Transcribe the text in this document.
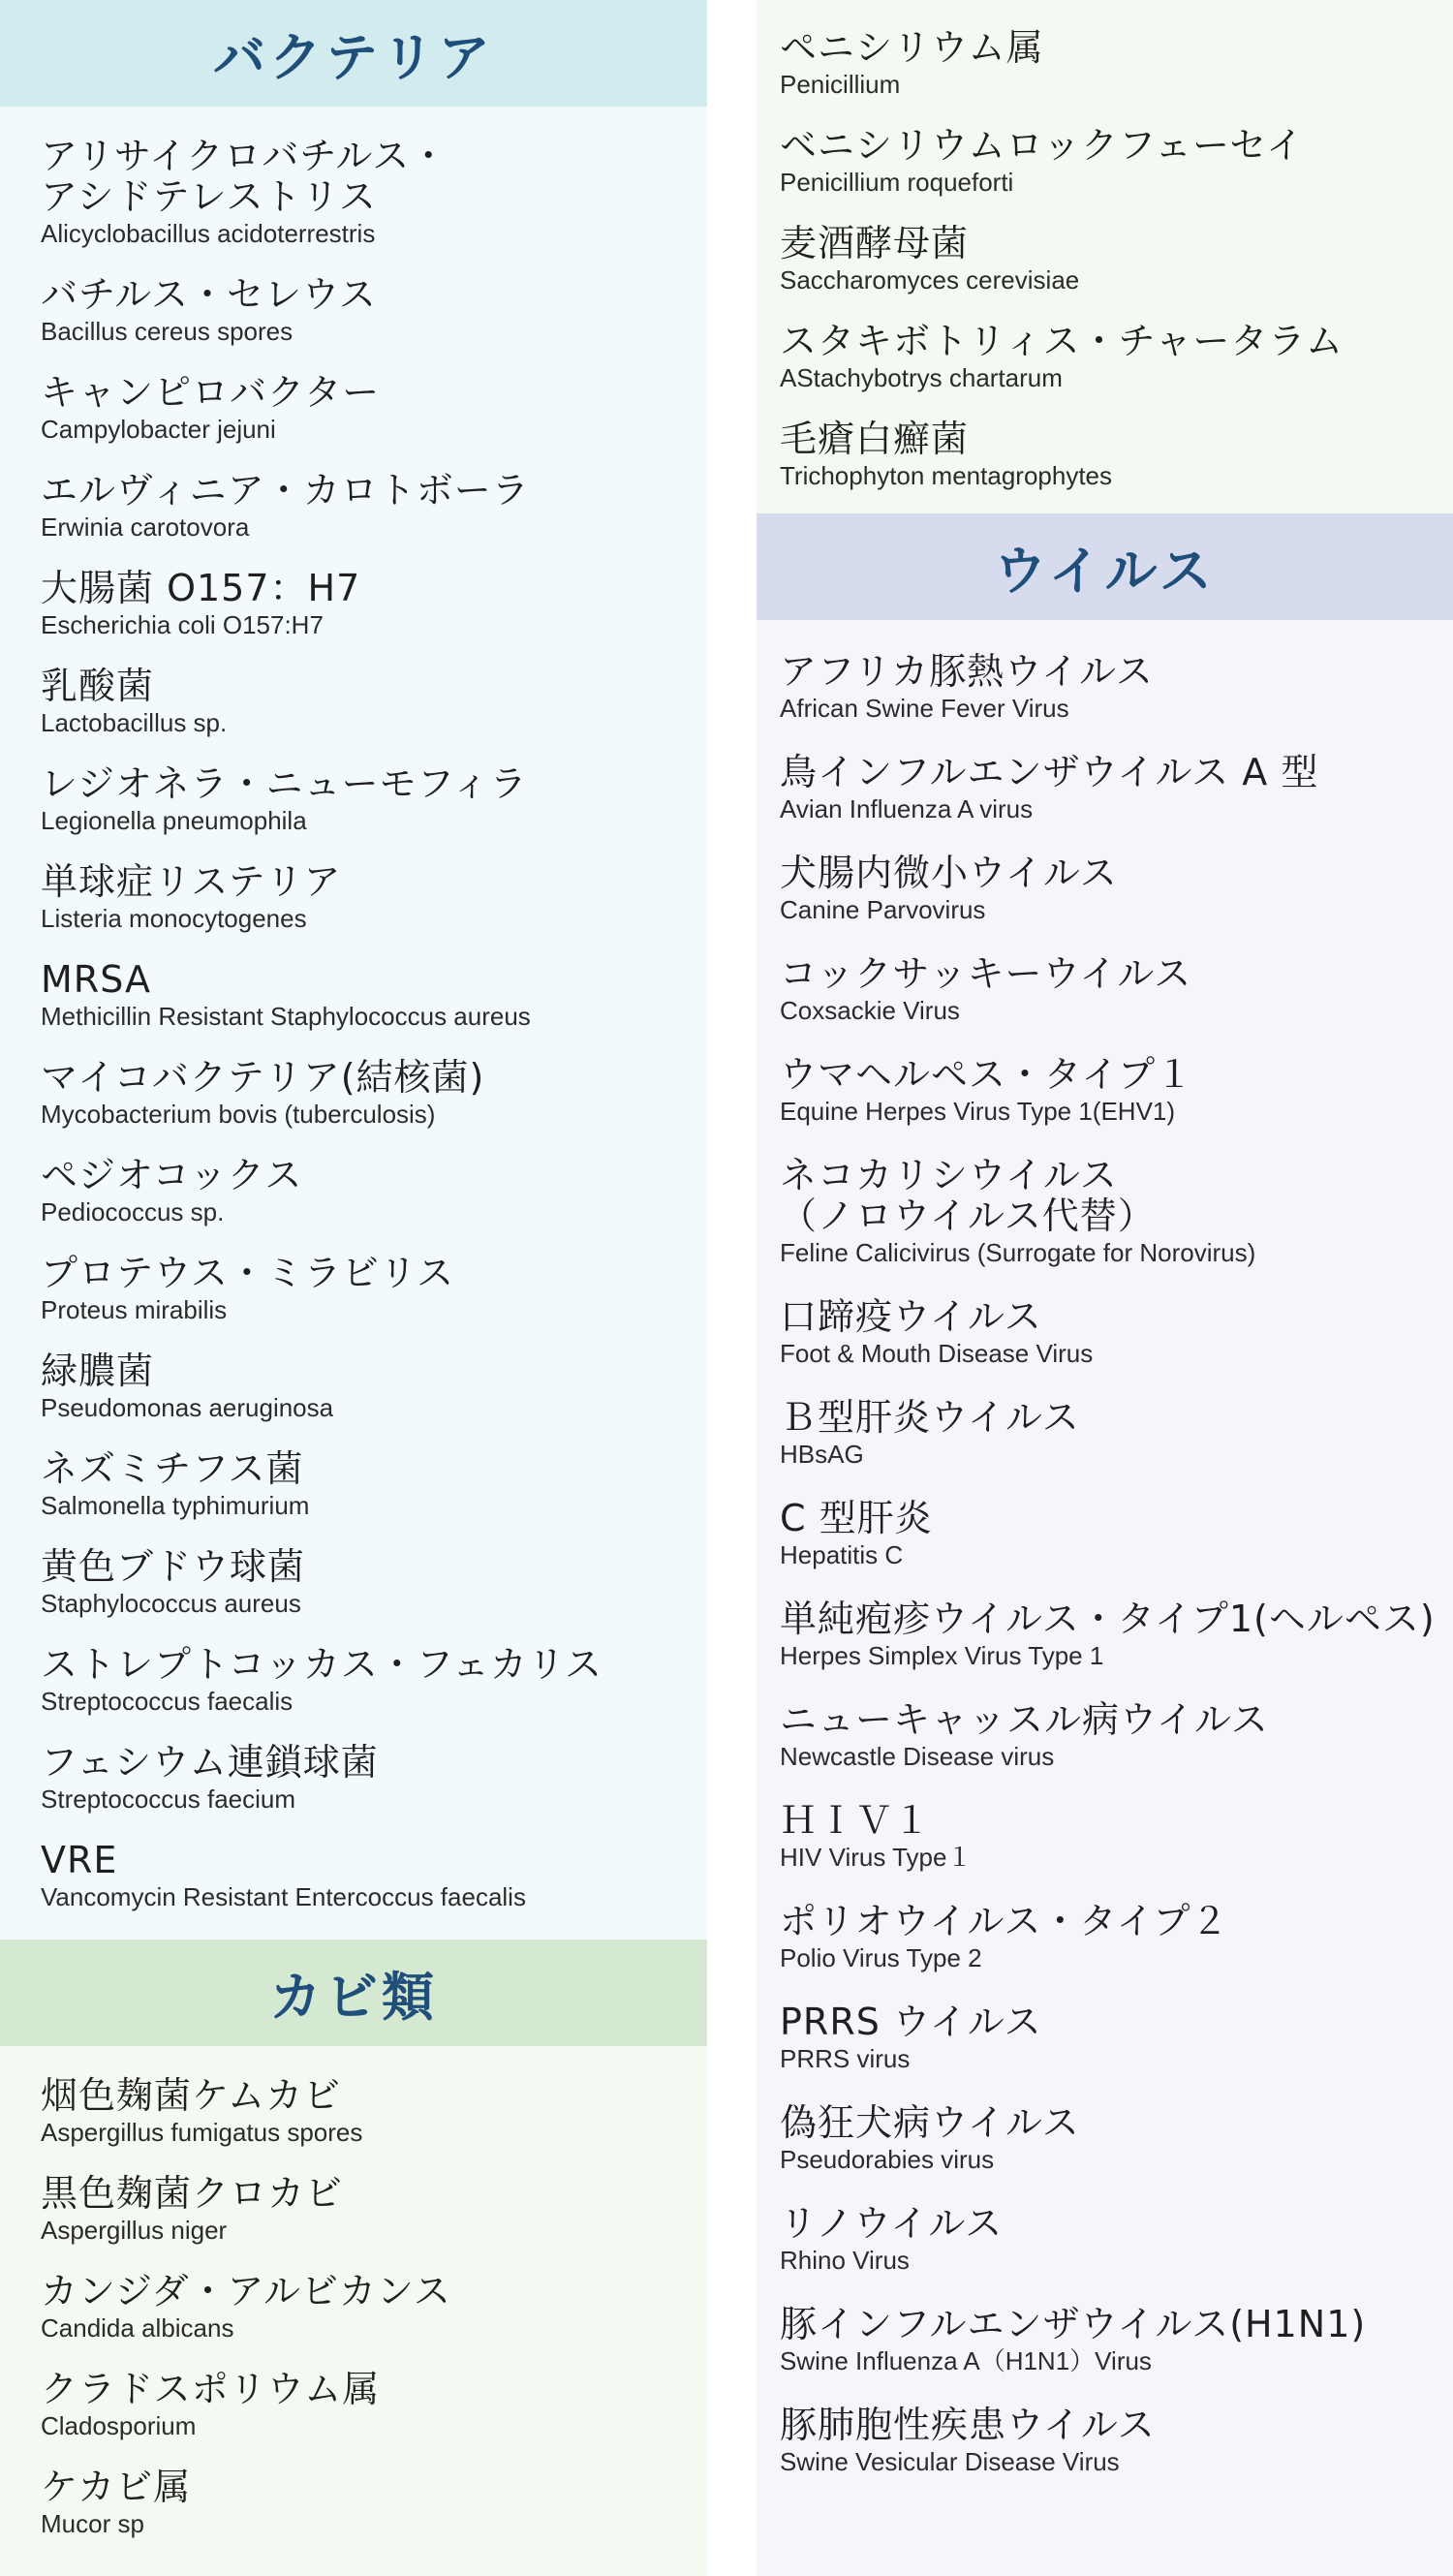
バクテリア
アリサイクロバチルス・
アシドテレストリス
Alicyclobacillus acidoterrestris
バチルス・セレウス
Bacillus cereus spores
キャンピロバクター
Campylobacter jejuni
エルヴィニア・カロトボーラ
Erwinia carotovora
大腸菌 O157：H7
Escherichia coli O157:H7
乳酸菌
Lactobacillus sp.
レジオネラ・ニューモフィラ
Legionella pneumophila
単球症リステリア
Listeria monocytogenes
MRSA
Methicillin Resistant Staphylococcus aureus
マイコバクテリア(結核菌)
Mycobacterium bovis (tuberculosis)
ペジオコックス
Pediococcus sp.
プロテウス・ミラビリス
Proteus mirabilis
緑膿菌
Pseudomonas aeruginosa
ネズミチフス菌
Salmonella typhimurium
黄色ブドウ球菌
Staphylococcus aureus
ストレプトコッカス・フェカリス
Streptococcus faecalis
フェシウム連鎖球菌
Streptococcus faecium
VRE
Vancomycin Resistant Entercoccus faecalis
カビ類
烟色麹菌ケムカビ
Aspergillus fumigatus spores
黒色麹菌クロカビ
Aspergillus niger
カンジダ・アルビカンス
Candida albicans
クラドスポリウム属
Cladosporium
ケカビ属
Mucor sp
ペニシリウム属
Penicillium
ベニシリウムロックフェーセイ
Penicillium roqueforti
麦酒酵母菌
Saccharomyces cerevisiae
スタキボトリィス・チャータラム
AStachybotrys chartarum
毛瘡白癬菌
Trichophyton mentagrophytes
ウイルス
アフリカ豚熱ウイルス
African Swine Fever Virus
鳥インフルエンザウイルス A 型
Avian Influenza A virus
犬腸内微小ウイルス
Canine Parvovirus
コックサッキーウイルス
Coxsackie Virus
ウマヘルペス・タイプ１
Equine Herpes Virus Type 1(EHV1)
ネコカリシウイルス
（ノロウイルス代替）
Feline Calicivirus (Surrogate for Norovirus)
口蹄疫ウイルス
Foot & Mouth Disease Virus
Ｂ型肝炎ウイルス
HBsAG
C 型肝炎
Hepatitis C
単純疱疹ウイルス・タイプ1(ヘルペス)
Herpes Simplex Virus Type 1
ニューキャッスル病ウイルス
Newcastle Disease virus
ＨＩＶ１
HIV Virus Type１
ポリオウイルス・タイプ２
Polio Virus Type 2
PRRS ウイルス
PRRS virus
偽狂犬病ウイルス
Pseudorabies virus
リノウイルス
Rhino Virus
豚インフルエンザウイルス(H1N1)
Swine Influenza A（H1N1）Virus
豚肺胞性疾患ウイルス
Swine Vesicular Disease Virus
